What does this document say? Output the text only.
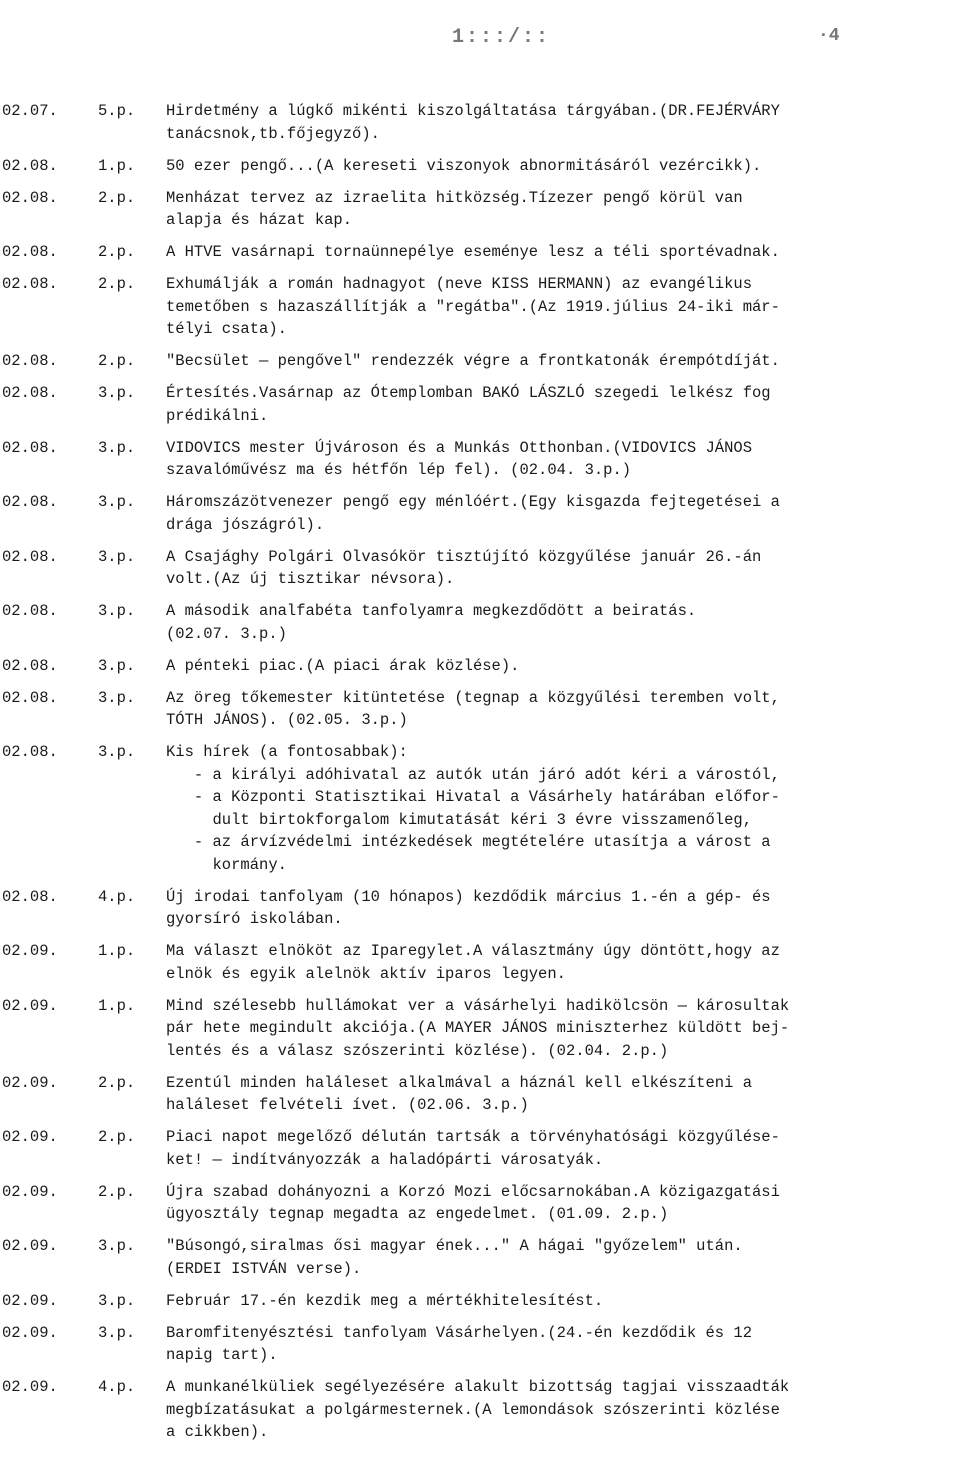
1:::/::	·4
02.07.	5.p.	Hirdetmény a lúgkő mikénti kiszolgáltatása tárgyában.(DR.FEJÉRVÁRY
tanácsnok,tb.főjegyző).
02.08.	1.p.	50 ezer pengő...(A kereseti viszonyok abnormitásáról vezércikk).
02.08.	2.p.	Menházat tervez az izraelita hitközség.Tízezer pengő körül van
alapja és házat kap.
02.08.	2.p.	A HTVE vasárnapi tornaünnepélye eseménye lesz a téli sportévadnak.
02.08.	2.p.	Exhumálják a román hadnagyot (neve KISS HERMANN) az evangélikus
temetőben s hazaszállítják a "regátba".(Az 1919.július 24-iki már-
télyi csata).
02.08.	2.p.	"Becsület — pengővel" rendezzék végre a frontkatonák érempótdíját.
02.08.	3.p.	Értesítés.Vasárnap az Ótemplomban BAKÓ LÁSZLÓ szegedi lelkész fog
prédikálni.
02.08.	3.p.	VIDOVICS mester Újvároson és a Munkás Otthonban.(VIDOVICS JÁNOS
szavalóművész ma és hétfőn lép fel). (02.04. 3.p.)
02.08.	3.p.	Háromszázötvenezer pengő egy ménlóért.(Egy kisgazda fejtegetései a
drága jószágról).
02.08.	3.p.	A Csajághy Polgári Olvasókör tisztújító közgyűlése január 26.-án
volt.(Az új tisztikar névsora).
02.08.	3.p.	A második analfabéta tanfolyamra megkezdődött a beiratás.
(02.07. 3.p.)
02.08.	3.p.	A pénteki piac.(A piaci árak közlése).
02.08.	3.p.	Az öreg tőkemester kitüntetése (tegnap a közgyűlési teremben volt,
TÓTH JÁNOS). (02.05. 3.p.)
02.08.	3.p.	Kis hírek (a fontosabbak):
- a királyi adóhivatal az autók után járó adót kéri a várostól,
- a Központi Statisztikai Hivatal a Vásárhely határában előfor-
dult birtokforgalom kimutatását kéri 3 évre visszamenőleg,
- az árvízvédelmi intézkedések megtételére utasítja a várost a
kormány.
02.08.	4.p.	Új irodai tanfolyam (10 hónapos) kezdődik március 1.-én a gép- és
gyorsíró iskolában.
02.09.	1.p.	Ma választ elnököt az Iparegylet.A választmány úgy döntött,hogy az
elnök és egyik alelnök aktív iparos legyen.
02.09.	1.p.	Mind szélesebb hullámokat ver a vásárhelyi hadikölcsön — károsultak
pár hete megindult akciója.(A MAYER JÁNOS miniszterhez küldött bej-
lentés és a válasz szószerinti közlése). (02.04. 2.p.)
02.09.	2.p.	Ezentúl minden haláleset alkalmával a háznál kell elkészíteni a
haláleset felvételi ívet. (02.06. 3.p.)
02.09.	2.p.	Piaci napot megelőző délután tartsák a törvényhatósági közgyűlése-
ket! — indítványozzák a haladópárti városatyák.
02.09.	2.p.	Újra szabad dohányozni a Korzó Mozi előcsarnokában.A közigazgatási
ügyosztály tegnap megadta az engedelmet. (01.09. 2.p.)
02.09.	3.p.	"Búsongó,siralmas ősi magyar ének..." A hágai "győzelem" után.
(ERDEI ISTVÁN verse).
02.09.	3.p.	Február 17.-én kezdik meg a mértékhitelesítést.
02.09.	3.p.	Baromfitenyésztési tanfolyam Vásárhelyen.(24.-én kezdődik és 12
napig tart).
02.09.	4.p.	A munkanélküliek segélyezésére alakult bizottság tagjai visszaadták
megbízatásukat a polgármesternek.(A lemondások szószerinti közlése
a cikkben).
